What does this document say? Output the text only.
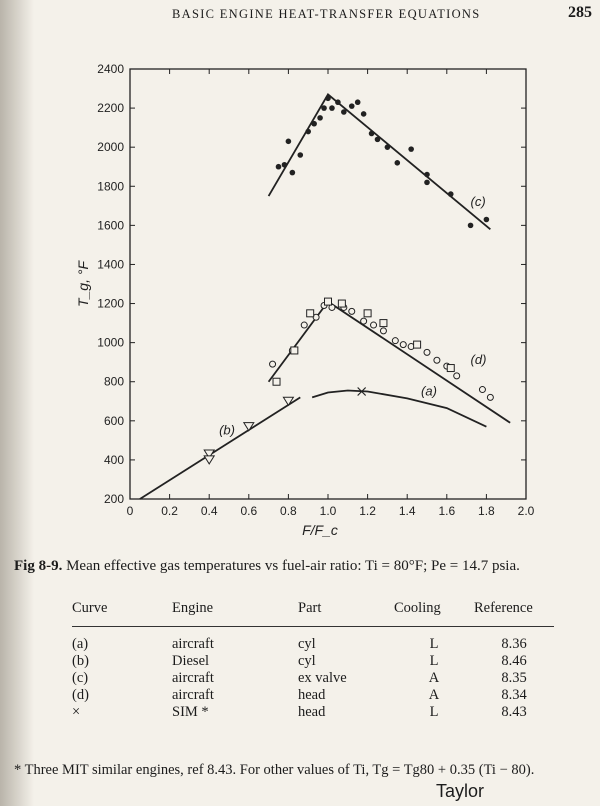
BASIC ENGINE HEAT-TRANSFER EQUATIONS	285
0 0.2 0.4 0.6 0.8 1.0 1.2 1.4 1.6 1.8 2.0
200
400
600
800
1000
1200
1400
1600
1800
2000
2200
2400
F/F_c
T_g, °F
(c)
(d)
(a)
(b)
Fig 8-9. Mean effective gas temperatures vs fuel-air ratio: Ti = 80°F; Pe = 14.7 psia.
Curve	Engine	Part	Cooling	Reference
(a)	aircraft	cyl	L	8.36
(b)	Diesel	cyl	L	8.46
(c)	aircraft	ex valve	A	8.35
(d)	aircraft	head	A	8.34
×	SIM *	head	L	8.43
* Three MIT similar engines, ref 8.43. For other values of Ti, Tg = Tg80 + 0.35 (Ti − 80).
Taylor
